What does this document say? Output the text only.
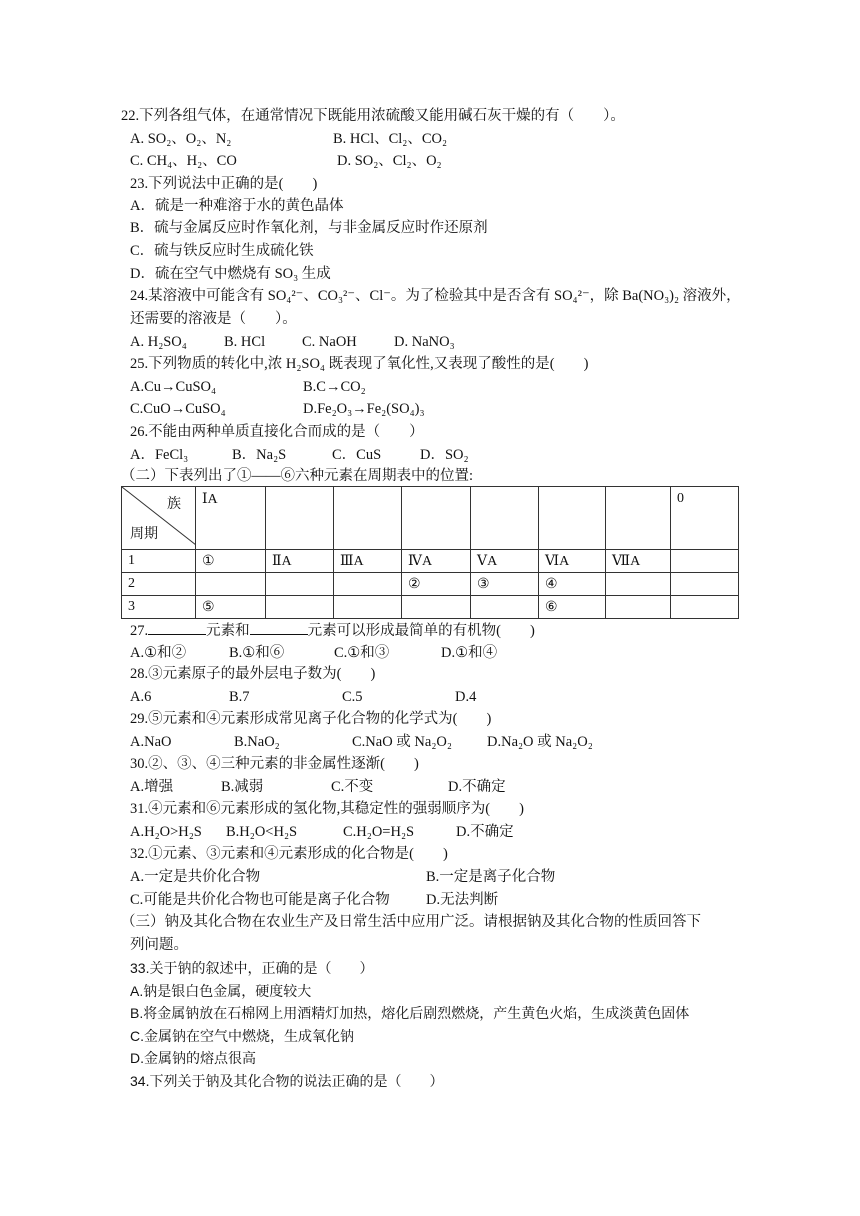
22.下列各组气体，在通常情况下既能用浓硫酸又能用碱石灰干燥的有（　　）。
A. SO₂、O₂、N₂	B. HCl、Cl₂、CO₂
C. CH₄、H₂、CO	D. SO₂、Cl₂、O₂
23.下列说法中正确的是(　　)
A．硫是一种难溶于水的黄色晶体
B．硫与金属反应时作氧化剂，与非金属反应时作还原剂
C．硫与铁反应时生成硫化铁
D．硫在空气中燃烧有 SO₃ 生成
24.某溶液中可能含有 SO₄²⁻、CO₃²⁻、Cl⁻。为了检验其中是否含有 SO₄²⁻，除 Ba(NO₃)₂ 溶液外，
还需要的溶液是（　　）。
A. H₂SO₄	B. HCl	C. NaOH	D. NaNO₃
25.下列物质的转化中,浓 H₂SO₄ 既表现了氧化性,又表现了酸性的是(　　)
A.Cu→CuSO₄	B.C→CO₂
C.CuO→CuSO₄	D.Fe₂O₃→Fe₂(SO₄)₃
26.不能由两种单质直接化合而成的是（　　）
A．FeCl₃	B．Na₂S	C．CuS	D．SO₂
（二）下表列出了①——⑥六种元素在周期表中的位置:
族
周期	ⅠA							0
1	①	ⅡA	ⅢA	ⅣA	ⅤA	ⅥA	ⅦA	
2				②	③	④		
3	⑤					⑥		
27.	元素和	元素可以形成最简单的有机物(　　)
A.①和②	B.①和⑥	C.①和③	D.①和④
28.③元素原子的最外层电子数为(　　)
A.6	B.7	C.5	D.4
29.⑤元素和④元素形成常见离子化合物的化学式为(　　)
A.NaO	B.NaO₂	C.NaO 或 Na₂O₂ D.Na₂O 或 Na₂O₂
30.②、③、④三种元素的非金属性逐渐(　　)
A.增强	B.减弱	C.不变	D.不确定
31.④元素和⑥元素形成的氢化物,其稳定性的强弱顺序为(　　)
A.H₂O>H₂S B.H₂O<H₂S	C.H₂O=H₂S	D.不确定
32.①元素、③元素和④元素形成的化合物是(　　)
A.一定是共价化合物	B.一定是离子化合物
C.可能是共价化合物也可能是离子化合物 D.无法判断
（三）钠及其化合物在农业生产及日常生活中应用广泛。请根据钠及其化合物的性质回答下
列问题。
33.关于钠的叙述中，正确的是（　　）
A.钠是银白色金属，硬度较大
B.将金属钠放在石棉网上用酒精灯加热，熔化后剧烈燃烧，产生黄色火焰，生成淡黄色固体
C.金属钠在空气中燃烧，生成氧化钠
D.金属钠的熔点很高
34.下列关于钠及其化合物的说法正确的是（　　）
